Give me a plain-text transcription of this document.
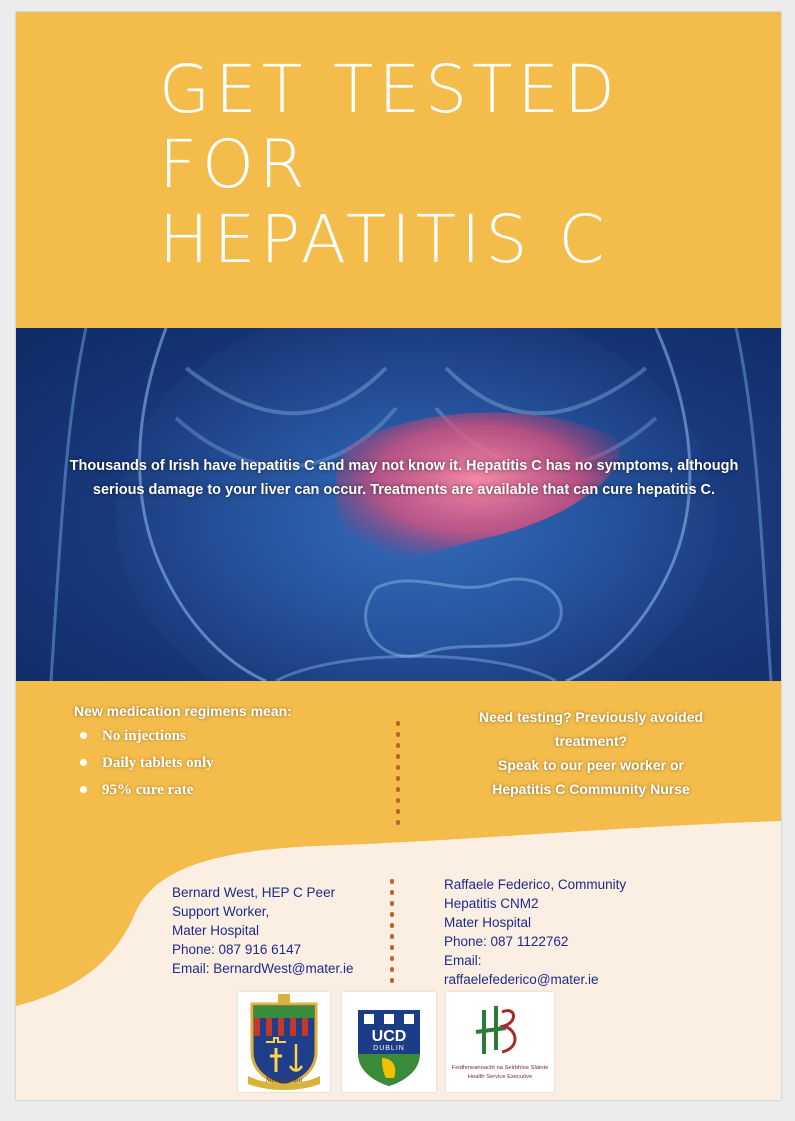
GET TESTED
FOR
HEPATITIS C

Thousands of Irish have hepatitis C and may not know it. Hepatitis C has no symptoms, although serious damage to your liver can occur. Treatments are available that can cure hepatitis C.

New medication regimens mean:

No injections
Daily tablets only
95% cure rate

Need testing? Previously avoided
treatment?
Speak to our peer worker or
Hepatitis C Community Nurse

Bernard West, HEP C Peer
Support Worker,
Mater Hospital
Phone: 087 916 6147
Email: BernardWest@mater.ie

Raffaele Federico, Community
Hepatitis CNM2
Mater Hospital
Phone: 087 1122762
Email:
raffaelefederico@mater.ie

Misericordia
UCD
DUBLIN

Feidhmeannacht na Seirbhíse Sláinte

Health Service Executive
